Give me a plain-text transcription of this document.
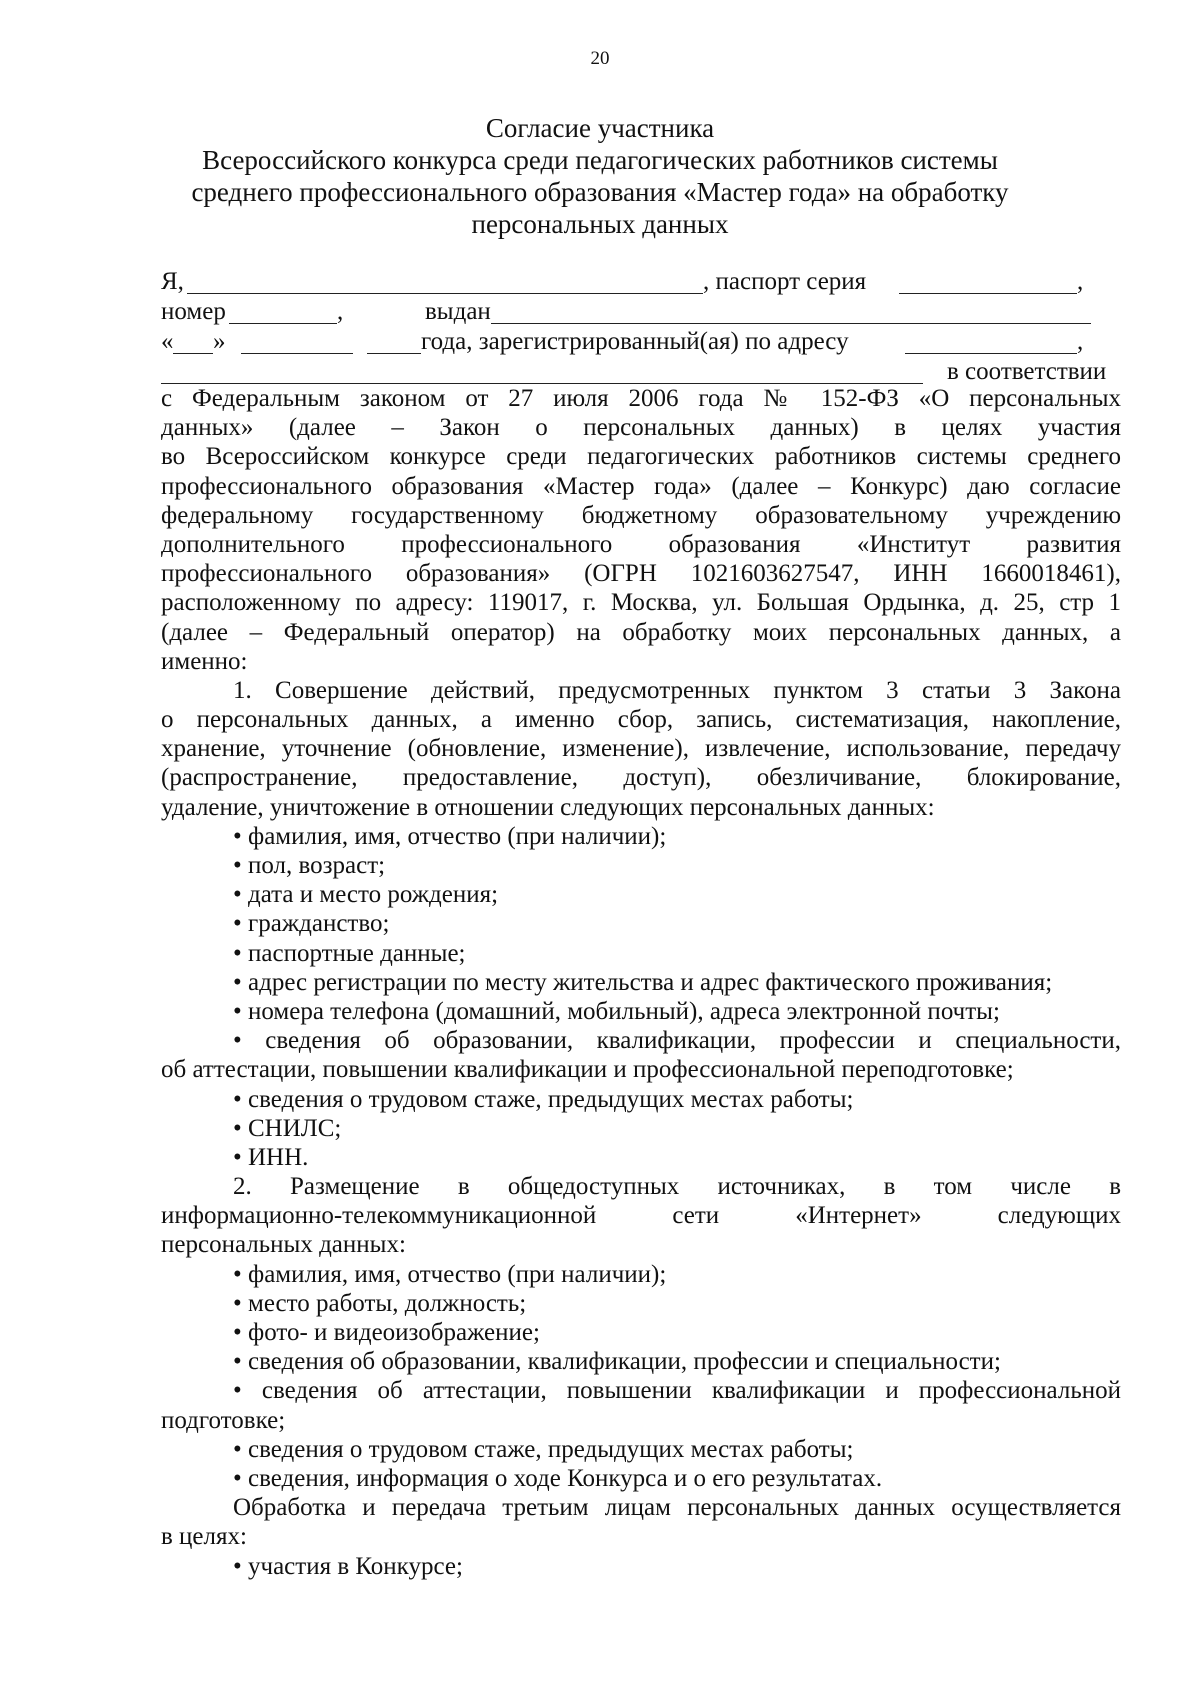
20
Согласие участника
Всероссийского конкурса среди педагогических работников системы
среднего профессионального образования «Мастер года» на обработку
персональных данных
Я,	, паспорт серия	,
номер	,	выдан
« »	года, зарегистрированный(ая) по адресу	,
в соответствии
с Федеральным законом от 27 июля 2006 года № 152-ФЗ «О персональных
данных» (далее – Закон о персональных данных) в целях участия
во Всероссийском конкурсе среди педагогических работников системы среднего
профессионального образования «Мастер года» (далее – Конкурс) даю согласие
федеральному государственному бюджетному образовательному учреждению
дополнительного профессионального образования «Институт развития
профессионального образования» (ОГРН 1021603627547, ИНН 1660018461),
расположенному по адресу: 119017, г. Москва, ул. Большая Ордынка, д. 25, стр 1
(далее – Федеральный оператор) на обработку моих персональных данных, а
именно:
1. Совершение действий, предусмотренных пунктом 3 статьи 3 Закона
о персональных данных, а именно сбор, запись, систематизация, накопление,
хранение, уточнение (обновление, изменение), извлечение, использование, передачу
(распространение, предоставление, доступ), обезличивание, блокирование,
удаление, уничтожение в отношении следующих персональных данных:
• фамилия, имя, отчество (при наличии);
• пол, возраст;
• дата и место рождения;
• гражданство;
• паспортные данные;
• адрес регистрации по месту жительства и адрес фактического проживания;
• номера телефона (домашний, мобильный), адреса электронной почты;
• сведения об образовании, квалификации, профессии и специальности,
об аттестации, повышении квалификации и профессиональной переподготовке;
• сведения о трудовом стаже, предыдущих местах работы;
• СНИЛС;
• ИНН.
2. Размещение в общедоступных источниках, в том числе в
информационно-телекоммуникационной сети «Интернет» следующих
персональных данных:
• фамилия, имя, отчество (при наличии);
• место работы, должность;
• фото- и видеоизображение;
• сведения об образовании, квалификации, профессии и специальности;
• сведения об аттестации, повышении квалификации и профессиональной
подготовке;
• сведения о трудовом стаже, предыдущих местах работы;
• сведения, информация о ходе Конкурса и о его результатах.
Обработка и передача третьим лицам персональных данных осуществляется
в целях:
• участия в Конкурсе;
